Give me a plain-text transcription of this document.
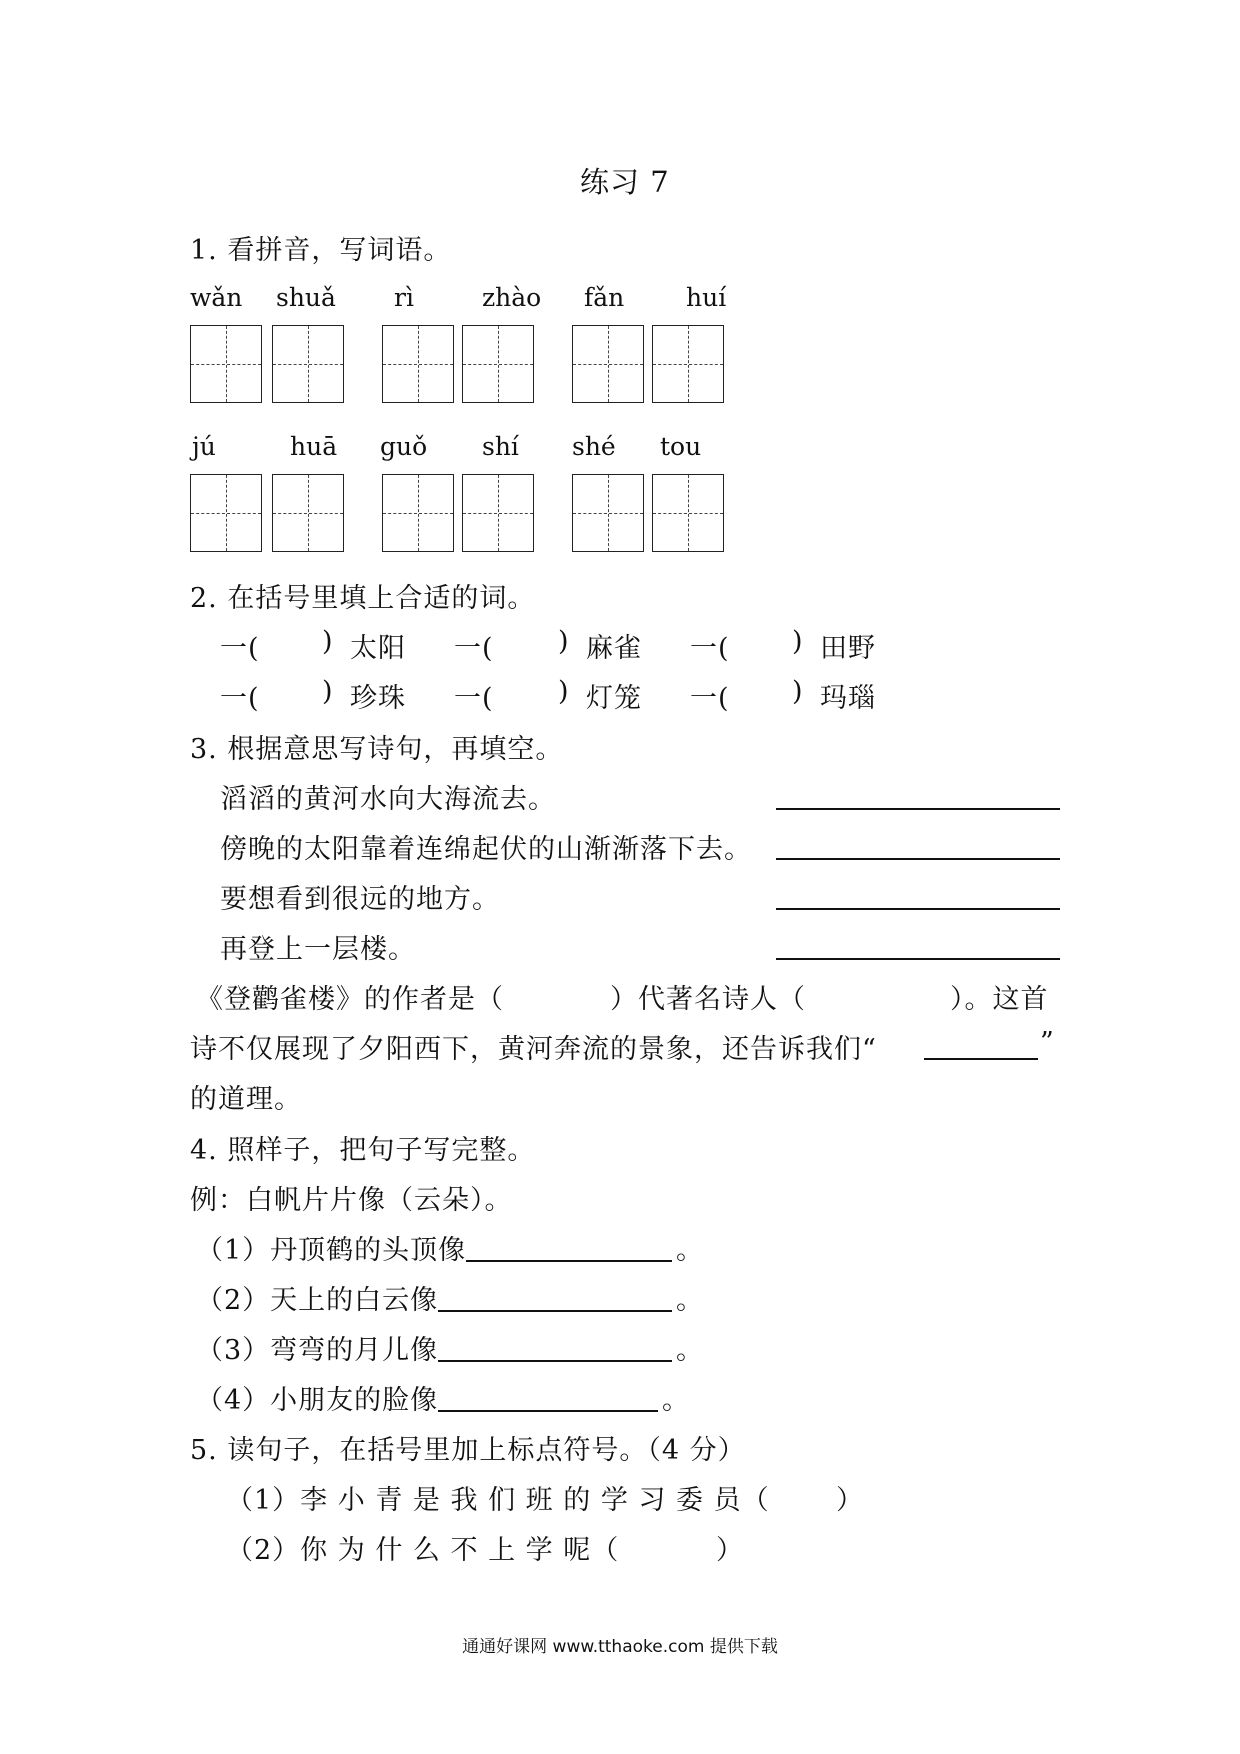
练习 7
1. 看拼音，写词语。
wǎn shuǎ rì	zhào fǎn huí
jú	huā guǒ shí shé tou
2. 在括号里填上合适的词。
一( ) 太阳 一( ) 麻雀 一( ) 田野
一( ) 珍珠 一( ) 灯笼 一( ) 玛瑙
3. 根据意思写诗句，再填空。
滔滔的黄河水向大海流去。
傍晚的太阳靠着连绵起伏的山渐渐落下去。
要想看到很远的地方。
再登上一层楼。
《登鹳雀楼》的作者是（	）代著名诗人（	）。这首
诗不仅展现了夕阳西下，黄河奔流的景象，还告诉我们“	”
的道理。
4. 照样子，把句子写完整。
例：白帆片片像（云朵）。
（1）丹顶鹤的头顶像	。
（2）天上的白云像	。
（3）弯弯的月儿像	。
（4）小朋友的脸像	。
5. 读句子，在括号里加上标点符号。（4 分）
（1）李 小 青 是 我 们 班 的 学 习 委 员（ ）
（2）你 为 什 么 不 上 学 呢（	）
通通好课网 www.tthaoke.com 提供下载
